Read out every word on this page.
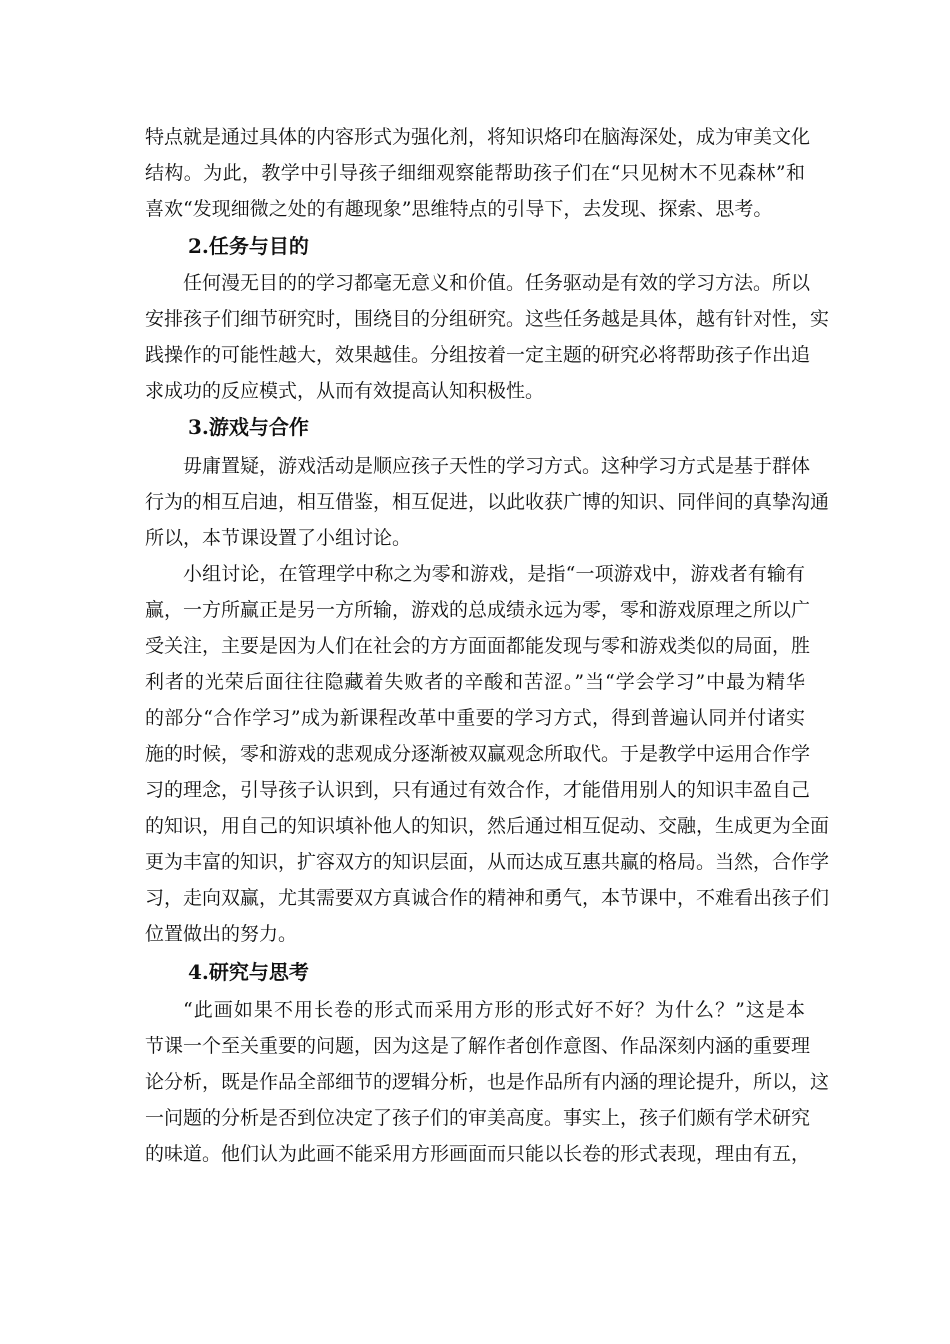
特点就是通过具体的内容形式为强化剂，将知识烙印在脑海深处，成为审美文化
结构。为此，教学中引导孩子细细观察能帮助孩子们在“只见树木不见森林”和
喜欢“发现细微之处的有趣现象”思维特点的引导下，去发现、探索、思考。
2.任务与目的
任何漫无目的的学习都毫无意义和价值。任务驱动是有效的学习方法。所以
安排孩子们细节研究时，围绕目的分组研究。这些任务越是具体，越有针对性，实
践操作的可能性越大，效果越佳。分组按着一定主题的研究必将帮助孩子作出追
求成功的反应模式，从而有效提高认知积极性。
3.游戏与合作
毋庸置疑，游戏活动是顺应孩子天性的学习方式。这种学习方式是基于群体
行为的相互启迪，相互借鉴，相互促进，以此收获广博的知识、同伴间的真挚沟通
所以，本节课设置了小组讨论。
小组讨论，在管理学中称之为零和游戏，是指“一项游戏中，游戏者有输有
赢，一方所赢正是另一方所输，游戏的总成绩永远为零，零和游戏原理之所以广
受关注，主要是因为人们在社会的方方面面都能发现与零和游戏类似的局面，胜
利者的光荣后面往往隐藏着失败者的辛酸和苦涩。”当“学会学习”中最为精华
的部分“合作学习”成为新课程改革中重要的学习方式，得到普遍认同并付诸实
施的时候，零和游戏的悲观成分逐渐被双赢观念所取代。于是教学中运用合作学
习的理念，引导孩子认识到，只有通过有效合作，才能借用别人的知识丰盈自己
的知识，用自己的知识填补他人的知识，然后通过相互促动、交融，生成更为全面
更为丰富的知识，扩容双方的知识层面，从而达成互惠共赢的格局。当然，合作学
习，走向双赢，尤其需要双方真诚合作的精神和勇气，本节课中，不难看出孩子们
位置做出的努力。
4.研究与思考
“此画如果不用长卷的形式而采用方形的形式好不好？为什么？”这是本
节课一个至关重要的问题，因为这是了解作者创作意图、作品深刻内涵的重要理
论分析，既是作品全部细节的逻辑分析，也是作品所有内涵的理论提升，所以，这
一问题的分析是否到位决定了孩子们的审美高度。事实上，孩子们颇有学术研究
的味道。他们认为此画不能采用方形画面而只能以长卷的形式表现，理由有五，
